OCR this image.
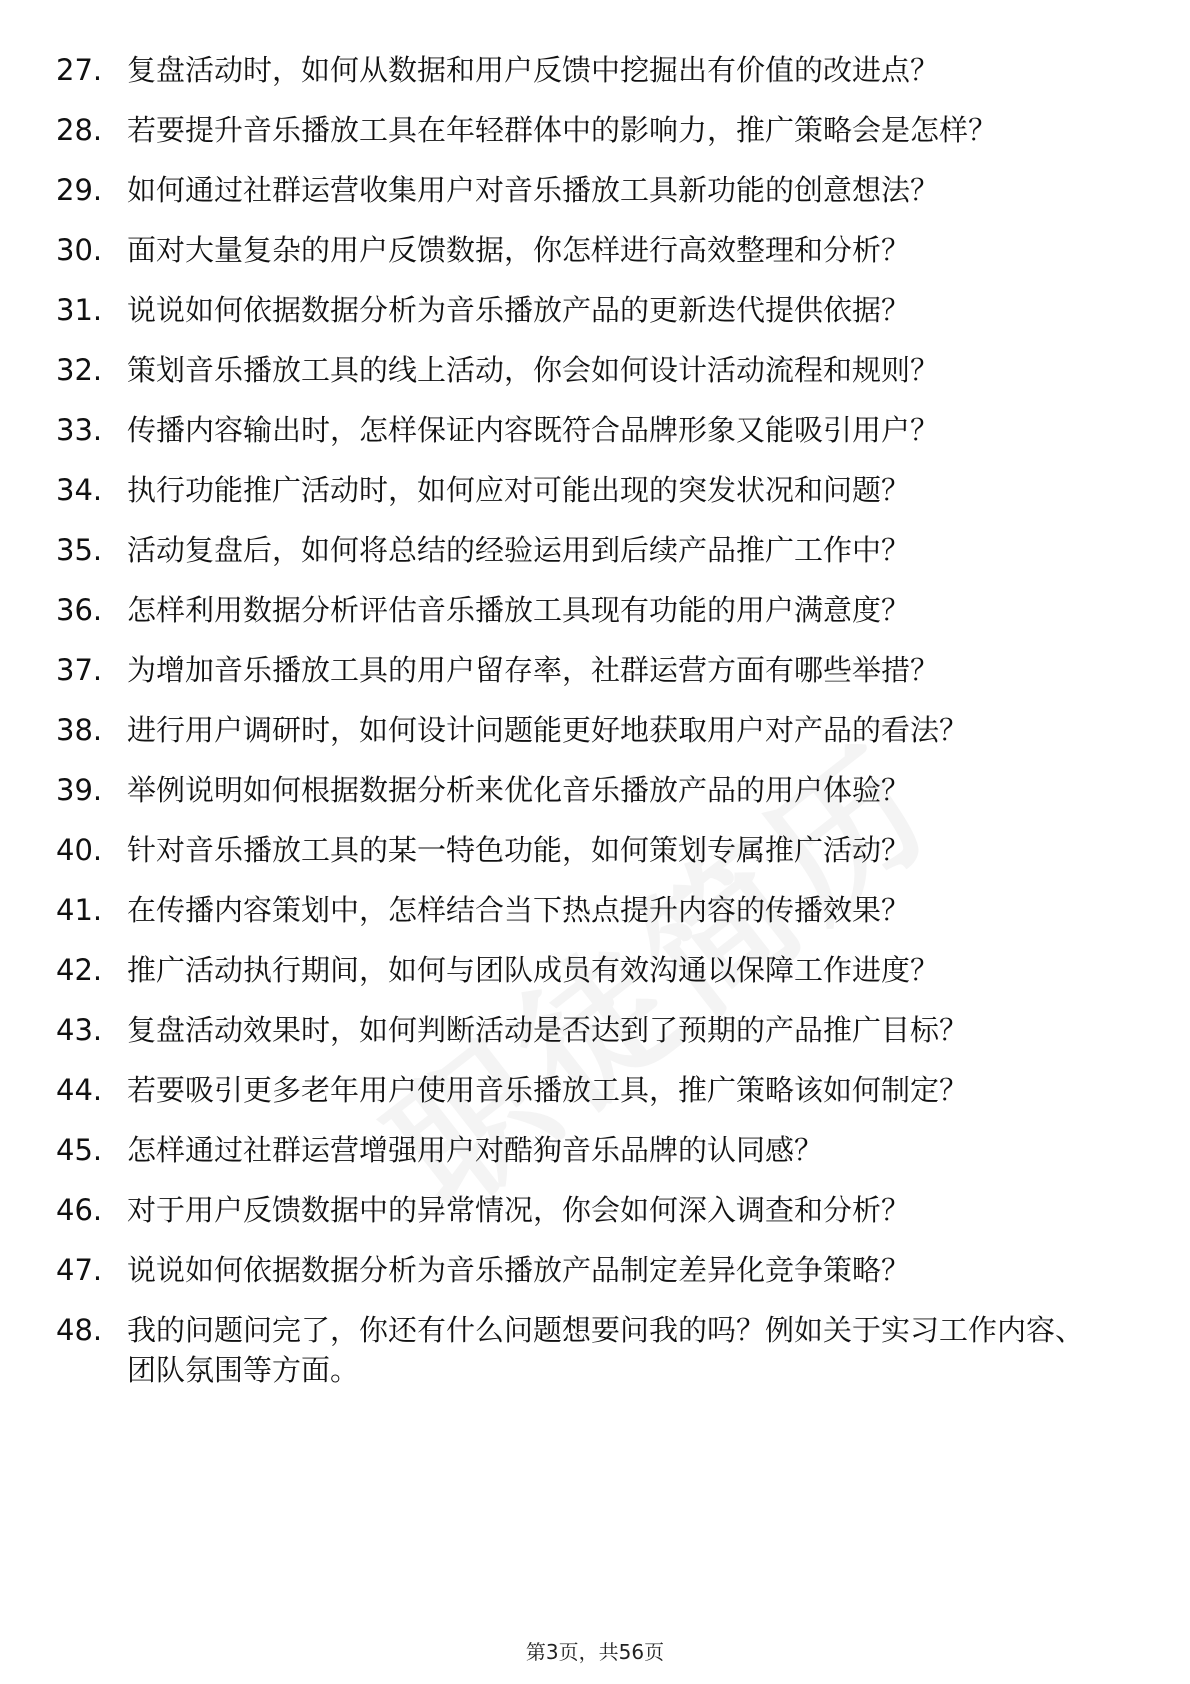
27. 复盘活动时，如何从数据和用户反馈中挖掘出有价值的改进点？
28. 若要提升音乐播放工具在年轻群体中的影响力，推广策略会是怎样？
29. 如何通过社群运营收集用户对音乐播放工具新功能的创意想法？
30. 面对大量复杂的用户反馈数据，你怎样进行高效整理和分析？
31. 说说如何依据数据分析为音乐播放产品的更新迭代提供依据？
32. 策划音乐播放工具的线上活动，你会如何设计活动流程和规则？
33. 传播内容输出时，怎样保证内容既符合品牌形象又能吸引用户？
34. 执行功能推广活动时，如何应对可能出现的突发状况和问题？
35. 活动复盘后，如何将总结的经验运用到后续产品推广工作中？
36. 怎样利用数据分析评估音乐播放工具现有功能的用户满意度？
37. 为增加音乐播放工具的用户留存率，社群运营方面有哪些举措？
38. 进行用户调研时，如何设计问题能更好地获取用户对产品的看法？
39. 举例说明如何根据数据分析来优化音乐播放产品的用户体验？
40. 针对音乐播放工具的某一特色功能，如何策划专属推广活动？
41. 在传播内容策划中，怎样结合当下热点提升内容的传播效果？
42. 推广活动执行期间，如何与团队成员有效沟通以保障工作进度？
43. 复盘活动效果时，如何判断活动是否达到了预期的产品推广目标？
44. 若要吸引更多老年用户使用音乐播放工具，推广策略该如何制定？
45. 怎样通过社群运营增强用户对酷狗音乐品牌的认同感？
46. 对于用户反馈数据中的异常情况，你会如何深入调查和分析？
47. 说说如何依据数据分析为音乐播放产品制定差异化竞争策略？
48. 我的问题问完了，你还有什么问题想要问我的吗？例如关于实习工作内容、团队氛围等方面。
第3页，共56页
